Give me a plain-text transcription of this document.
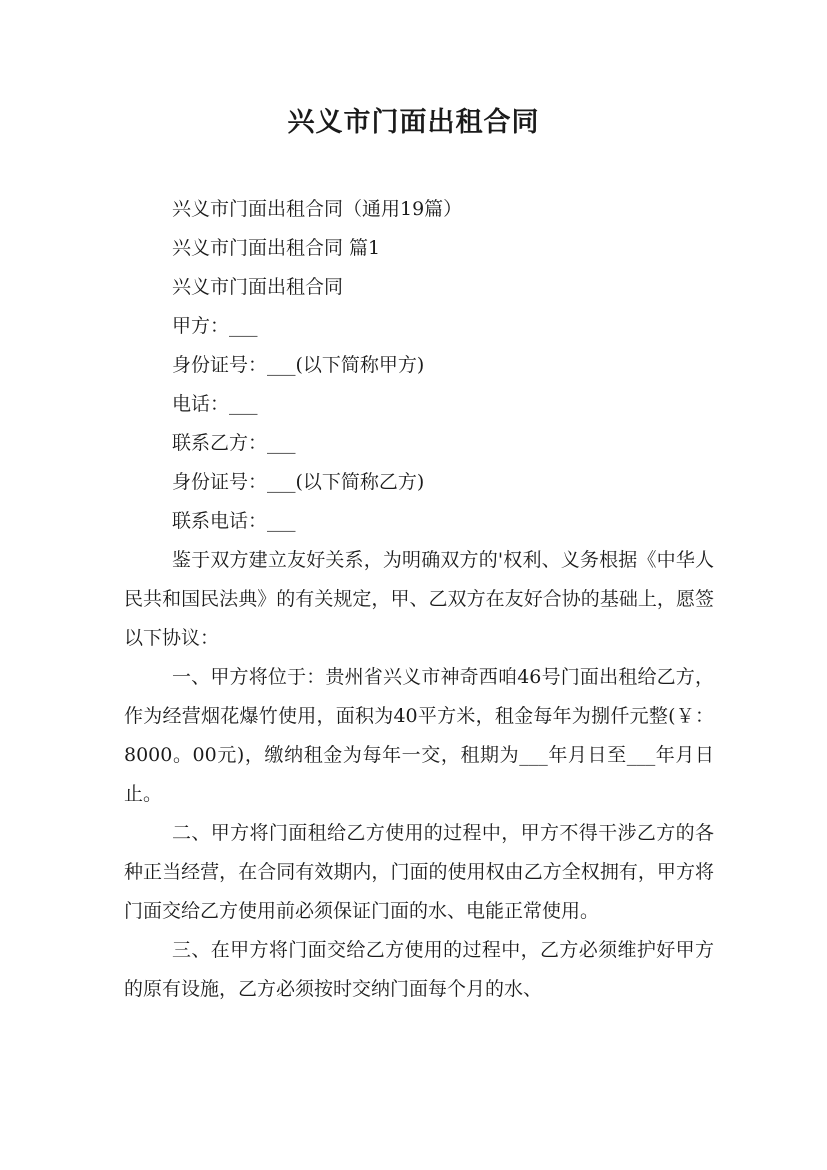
兴义市门面出租合同
兴义市门面出租合同（通用19篇）
兴义市门面出租合同 篇1
兴义市门面出租合同
甲方：___
身份证号：___(以下简称甲方)
电话：___
联系乙方：___
身份证号：___(以下简称乙方)
联系电话：___

鉴于双方建立友好关系，为明确双方的'权利、义务根据《中华人民共和国民法典》的有关规定，甲、乙双方在友好合协的基础上，愿签以下协议：

一、甲方将位于：贵州省兴义市神奇西咱46号门面出租给乙方，作为经营烟花爆竹使用，面积为40平方米，租金每年为捌仟元整(￥：8000。00元)，缴纳租金为每年一交，租期为___年月日至___年月日止。

二、甲方将门面租给乙方使用的过程中，甲方不得干涉乙方的各种正当经营，在合同有效期内，门面的使用权由乙方全权拥有，甲方将门面交给乙方使用前必须保证门面的水、电能正常使用。

三、在甲方将门面交给乙方使用的过程中，乙方必须维护好甲方的原有设施，乙方必须按时交纳门面每个月的水、
